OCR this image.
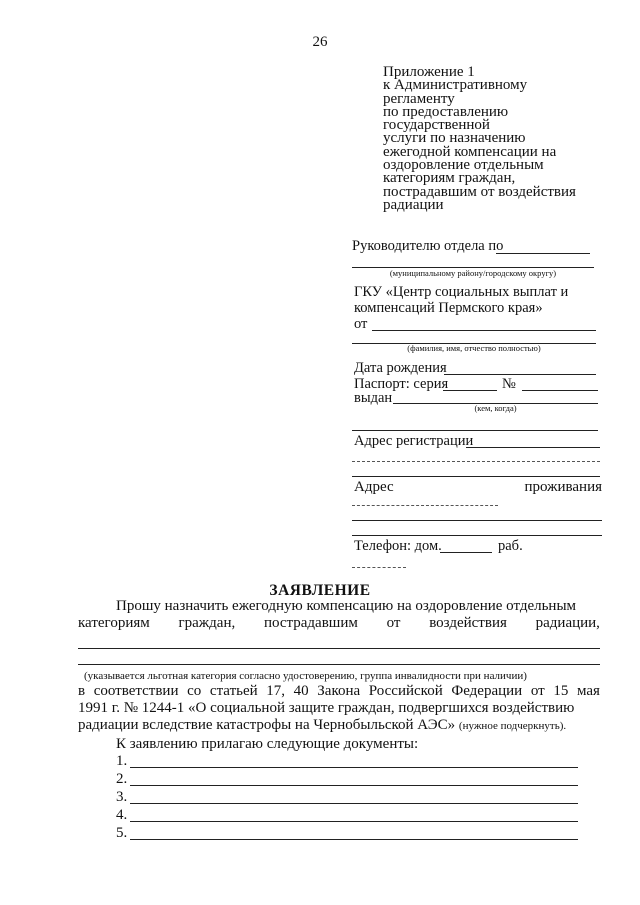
26
Приложение 1
к Административному
регламенту
по предоставлению
государственной
услуги по назначению
ежегодной компенсации на
оздоровление отдельным
категориям граждан,
пострадавшим от воздействия
радиации
Руководителю отдела по
(муниципальному району/городскому округу)
ГКУ «Центр социальных выплат и
компенсаций Пермского края»
от
(фамилия, имя, отчество полностью)
Дата рождения
Паспорт: серия	№
выдан
(кем, когда)
Адрес регистрации
Адрес	проживания
Телефон: дом.	раб.
ЗАЯВЛЕНИЕ
Прошу назначить ежегодную компенсацию на оздоровление отдельным
категориям граждан, пострадавшим от воздействия радиации,
(указывается льготная категория согласно удостоверению, группа инвалидности при наличии)
в соответствии со статьей 17, 40 Закона Российской Федерации от 15 мая
1991 г. № 1244-1 «О социальной защите граждан, подвергшихся воздействию
радиации вследствие катастрофы на Чернобыльской АЭС» (нужное подчеркнуть).
К заявлению прилагаю следующие документы:
1.
2.
3.
4.
5.
